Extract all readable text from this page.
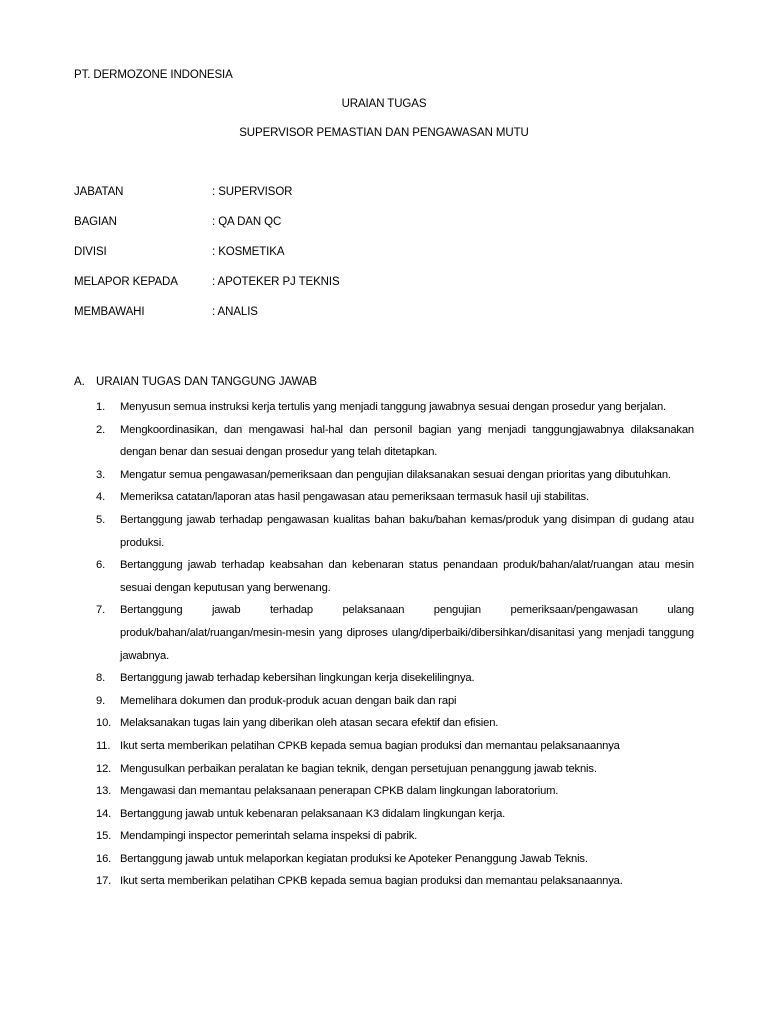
PT. DERMOZONE INDONESIA
URAIAN TUGAS
SUPERVISOR PEMASTIAN DAN PENGAWASAN MUTU
JABATAN	: SUPERVISOR
BAGIAN	: QA DAN QC
DIVISI	: KOSMETIKA
MELAPOR KEPADA	: APOTEKER PJ TEKNIS
MEMBAWAHI	: ANALIS
A. URAIAN TUGAS DAN TANGGUNG JAWAB
1.	Menyusun semua instruksi kerja tertulis yang menjadi tanggung jawabnya sesuai dengan prosedur yang berjalan.
2.	Mengkoordinasikan, dan mengawasi hal-hal dan personil bagian yang menjadi tanggungjawabnya dilaksanakan dengan benar dan sesuai dengan prosedur yang telah ditetapkan.
3.	Mengatur semua pengawasan/pemeriksaan dan pengujian dilaksanakan sesuai dengan prioritas yang dibutuhkan.
4.	Memeriksa catatan/laporan atas hasil pengawasan atau pemeriksaan termasuk hasil uji stabilitas.
5.	Bertanggung jawab terhadap pengawasan kualitas bahan baku/bahan kemas/produk yang disimpan di gudang atau produksi.
6.	Bertanggung jawab terhadap keabsahan dan kebenaran status penandaan produk/bahan/alat/ruangan atau mesin sesuai dengan keputusan yang berwenang.
7.	Bertanggung jawab terhadap pelaksanaan pengujian pemeriksaan/pengawasan ulang produk/bahan/alat/ruangan/mesin-mesin yang diproses ulang/diperbaiki/dibersihkan/disanitasi yang menjadi tanggung jawabnya.
8.	Bertanggung jawab terhadap kebersihan lingkungan kerja disekelilingnya.
9.	Memelihara dokumen dan produk-produk acuan dengan baik dan rapi
10. Melaksanakan tugas lain yang diberikan oleh atasan secara efektif dan efisien.
11. Ikut serta memberikan pelatihan CPKB kepada semua bagian produksi dan memantau pelaksanaannya
12. Mengusulkan perbaikan peralatan ke bagian teknik, dengan persetujuan penanggung jawab teknis.
13. Mengawasi dan memantau pelaksanaan penerapan CPKB dalam lingkungan laboratorium.
14. Bertanggung jawab untuk kebenaran pelaksanaan K3 didalam lingkungan kerja.
15. Mendampingi inspector pemerintah selama inspeksi di pabrik.
16. Bertanggung jawab untuk melaporkan kegiatan produksi ke Apoteker Penanggung Jawab Teknis.
17. Ikut serta memberikan pelatihan CPKB kepada semua bagian produksi dan memantau pelaksanaannya.
